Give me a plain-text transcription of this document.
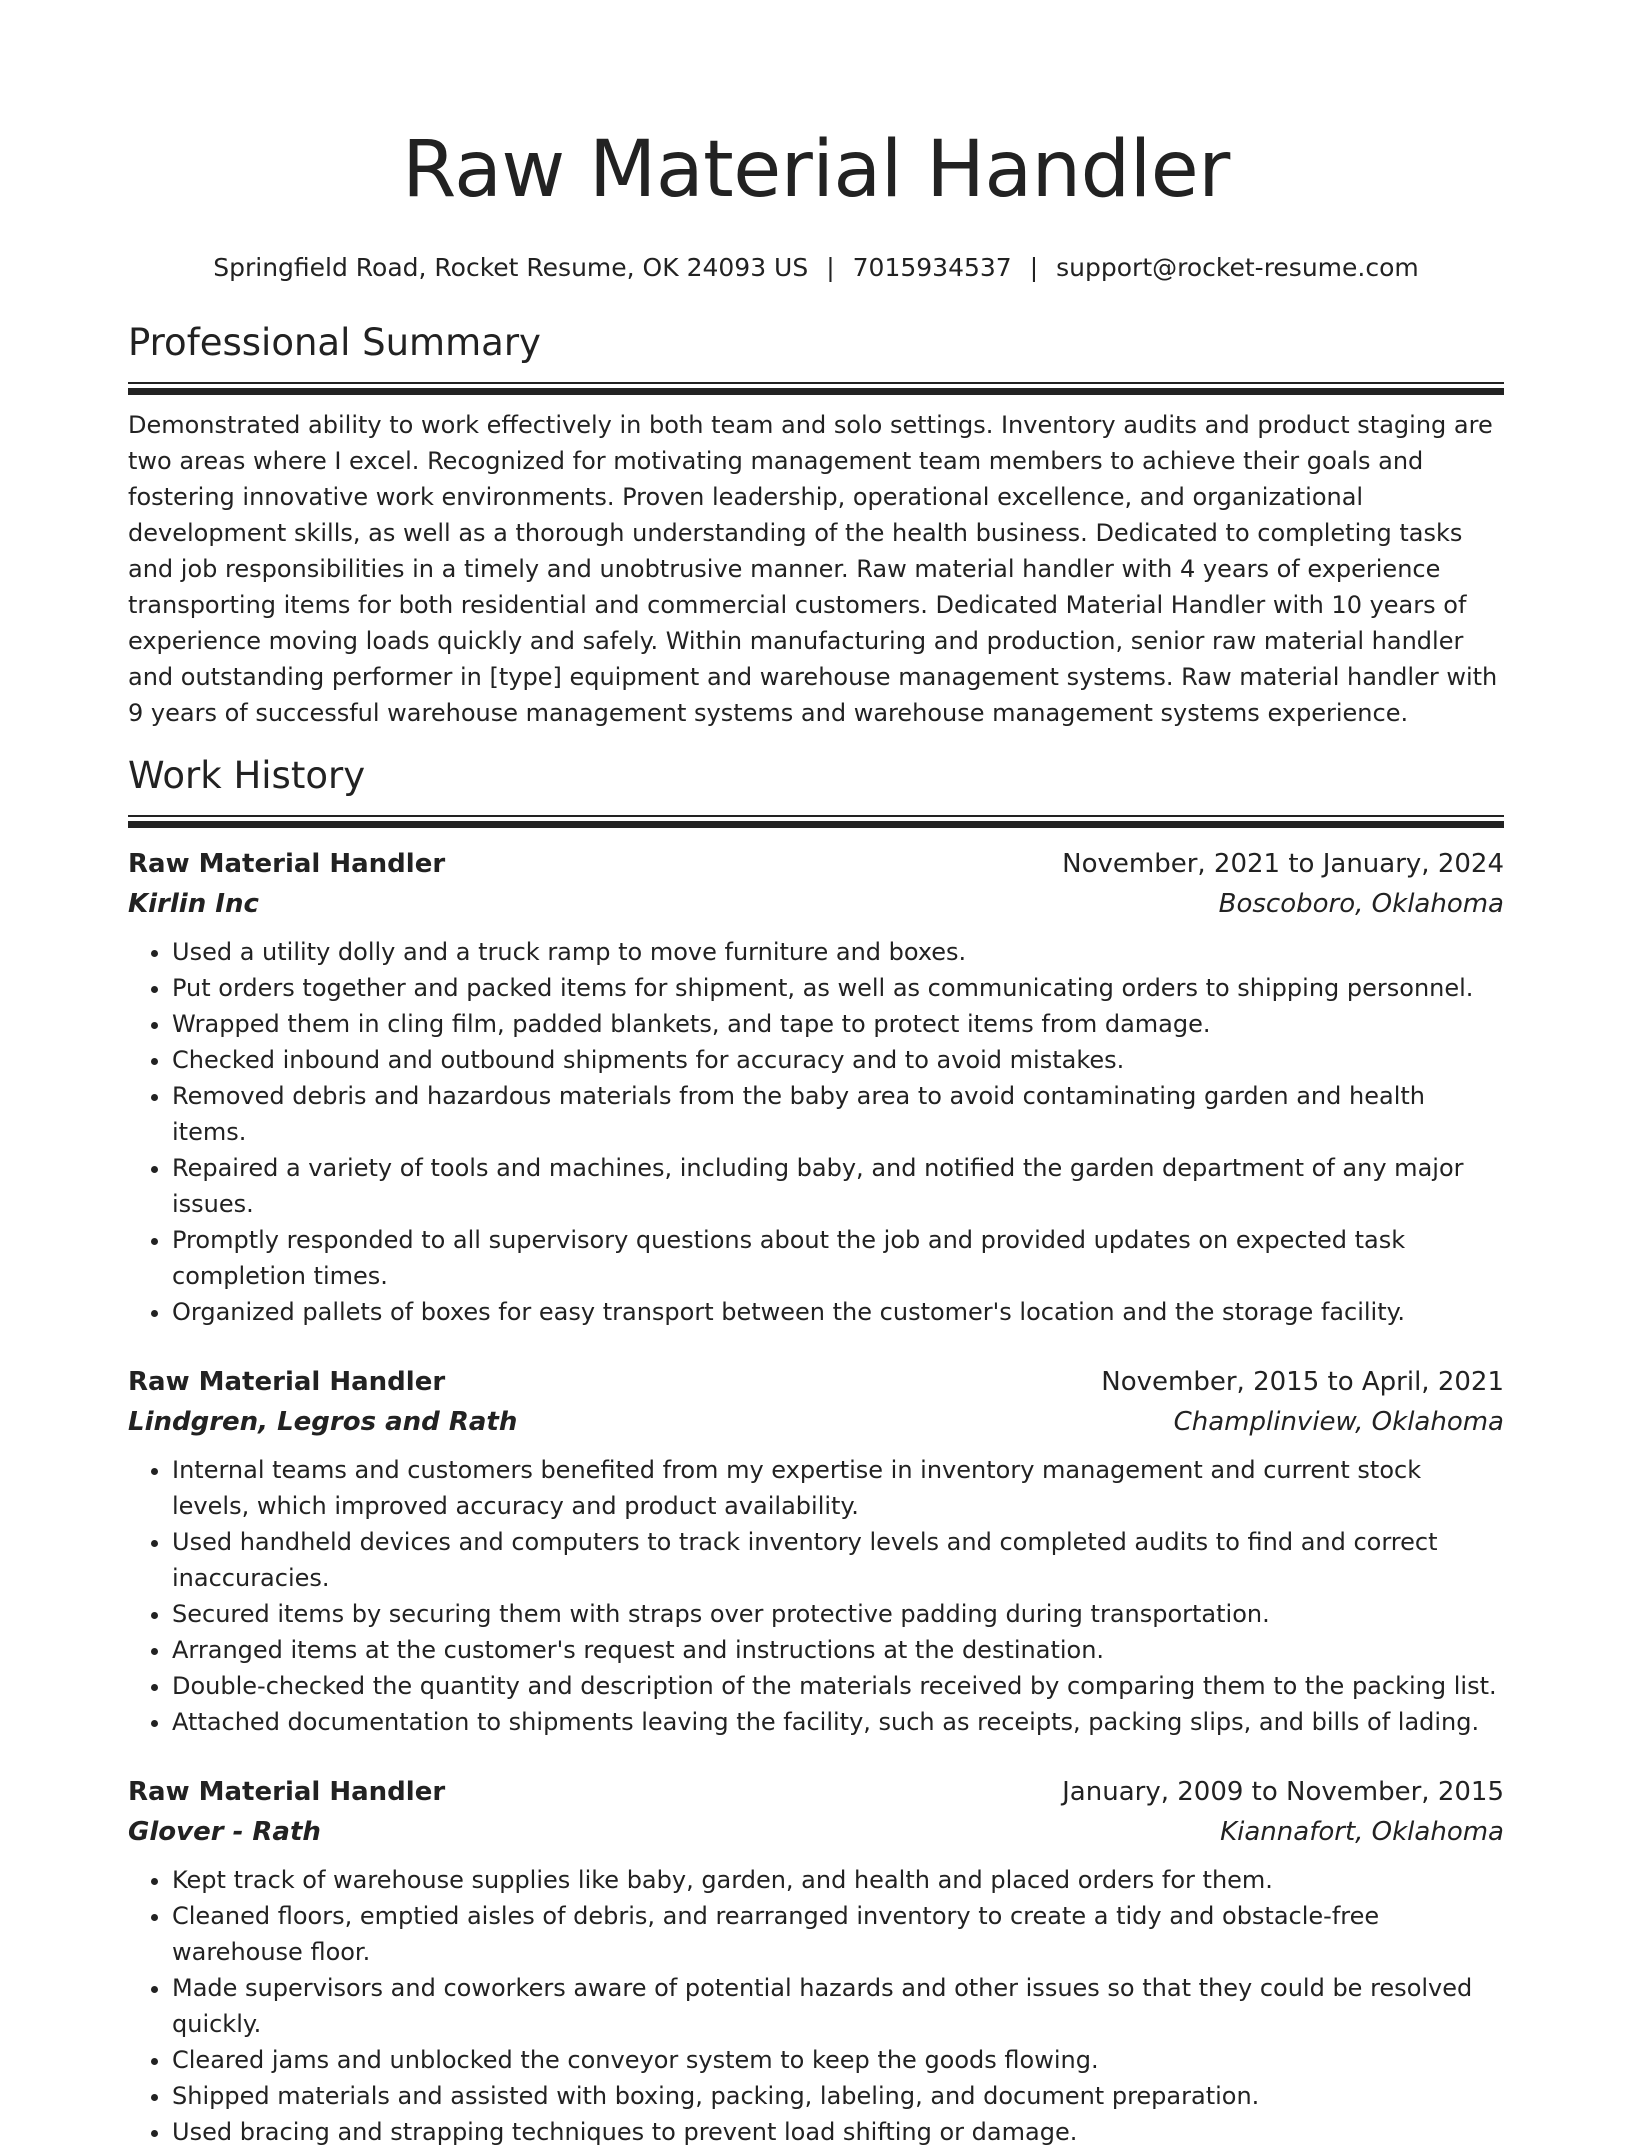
Raw Material Handler
Springfield Road, Rocket Resume, OK 24093 US | 7015934537 | support@rocket-resume.com
Professional Summary
Demonstrated ability to work effectively in both team and solo settings. Inventory audits and product staging are two areas where I excel. Recognized for motivating management team members to achieve their goals and fostering innovative work environments. Proven leadership, operational excellence, and organizational development skills, as well as a thorough understanding of the health business. Dedicated to completing tasks and job responsibilities in a timely and unobtrusive manner. Raw material handler with 4 years of experience transporting items for both residential and commercial customers. Dedicated Material Handler with 10 years of experience moving loads quickly and safely. Within manufacturing and production, senior raw material handler and outstanding performer in [type] equipment and warehouse management systems. Raw material handler with 9 years of successful warehouse management systems and warehouse management systems experience.
Work History
Raw Material Handler	November, 2021 to January, 2024
Kirlin Inc	Boscoboro, Oklahoma
• Used a utility dolly and a truck ramp to move furniture and boxes.
• Put orders together and packed items for shipment, as well as communicating orders to shipping personnel.
• Wrapped them in cling film, padded blankets, and tape to protect items from damage.
• Checked inbound and outbound shipments for accuracy and to avoid mistakes.
• Removed debris and hazardous materials from the baby area to avoid contaminating garden and health items.
• Repaired a variety of tools and machines, including baby, and notified the garden department of any major issues.
• Promptly responded to all supervisory questions about the job and provided updates on expected task completion times.
• Organized pallets of boxes for easy transport between the customer's location and the storage facility.
Raw Material Handler	November, 2015 to April, 2021
Lindgren, Legros and Rath	Champlinview, Oklahoma
• Internal teams and customers benefited from my expertise in inventory management and current stock levels, which improved accuracy and product availability.
• Used handheld devices and computers to track inventory levels and completed audits to find and correct inaccuracies.
• Secured items by securing them with straps over protective padding during transportation.
• Arranged items at the customer's request and instructions at the destination.
• Double-checked the quantity and description of the materials received by comparing them to the packing list.
• Attached documentation to shipments leaving the facility, such as receipts, packing slips, and bills of lading.
Raw Material Handler	January, 2009 to November, 2015
Glover - Rath	Kiannafort, Oklahoma
• Kept track of warehouse supplies like baby, garden, and health and placed orders for them.
• Cleaned floors, emptied aisles of debris, and rearranged inventory to create a tidy and obstacle-free warehouse floor.
• Made supervisors and coworkers aware of potential hazards and other issues so that they could be resolved quickly.
• Cleared jams and unblocked the conveyor system to keep the goods flowing.
• Shipped materials and assisted with boxing, packing, labeling, and document preparation.
• Used bracing and strapping techniques to prevent load shifting or damage.
